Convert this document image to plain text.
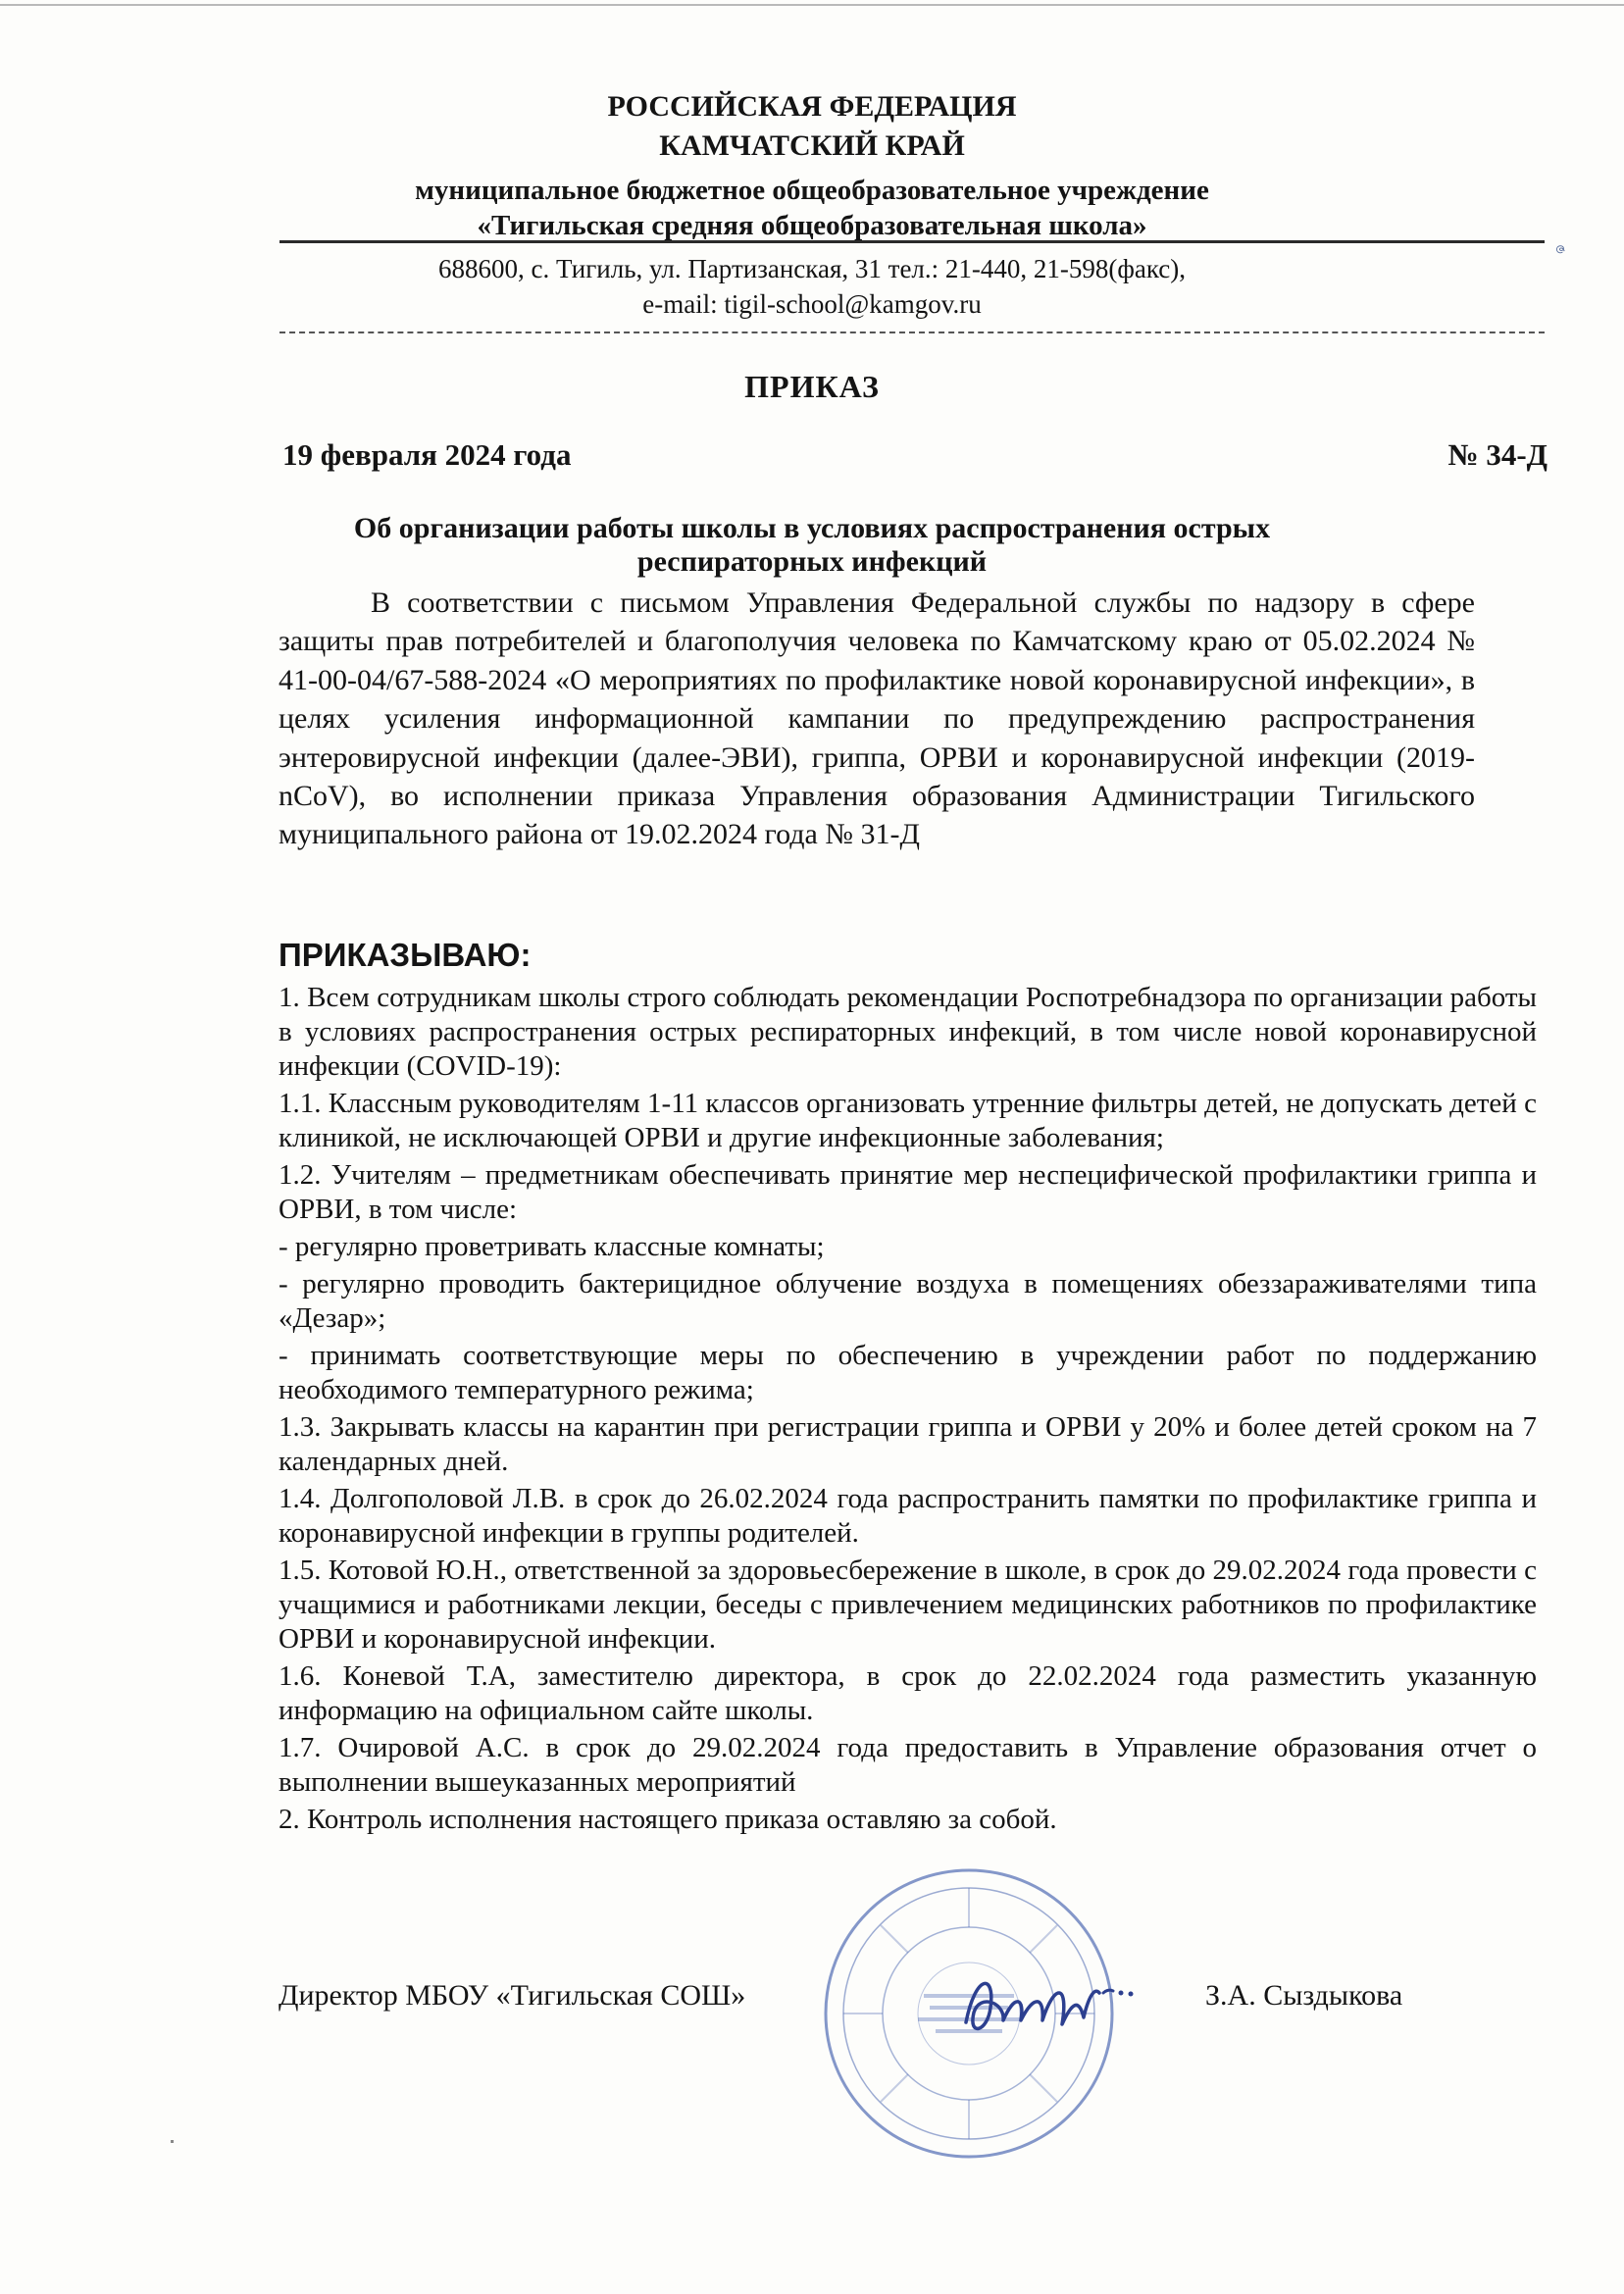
РОССИЙСКАЯ ФЕДЕРАЦИЯ
КАМЧАТСКИЙ КРАЙ
муниципальное бюджетное общеобразовательное учреждение
«Тигильская средняя общеобразовательная школа»
ဇ
688600, с. Тигиль, ул. Партизанская, 31 тел.: 21-440, 21-598(факс),
e-mail: tigil-school@kamgov.ru
ПРИКАЗ
19 февраля 2024 года	№ 34-Д
Об организации работы школы в условиях распространения острых
респираторных инфекций
В соответствии с письмом Управления Федеральной службы по надзору в сфере защиты прав потребителей и благополучия человека по Камчатскому краю от 05.02.2024 № 41-00-04/67-588-2024 «О мероприятиях по профилактике новой коронавирусной инфекции», в целях усиления информационной кампании по предупреждению распространения энтеровирусной инфекции (далее-ЭВИ), гриппа, ОРВИ и коронавирусной инфекции (2019-nCoV), во исполнении приказа Управления образования Администрации Тигильского муниципального района от 19.02.2024 года № 31-Д
ПРИКАЗЫВАЮ:

1. Всем сотрудникам школы строго соблюдать рекомендации Роспотребнадзора по организации работы в условиях распространения острых респираторных инфекций, в том числе новой коронавирусной инфекции (COVID-19):

1.1. Классным руководителям 1-11 классов организовать утренние фильтры детей, не допускать детей с клиникой, не исключающей ОРВИ и другие инфекционные заболевания;

1.2. Учителям – предметникам обеспечивать принятие мер неспецифической профилактики гриппа и ОРВИ, в том числе:

- регулярно проветривать классные комнаты;

- регулярно проводить бактерицидное облучение воздуха в помещениях обеззараживателями типа «Дезар»;

- принимать соответствующие меры по обеспечению в учреждении работ по поддержанию необходимого температурного режима;

1.3. Закрывать классы на карантин при регистрации гриппа и ОРВИ у 20% и более детей сроком на 7 календарных дней.

1.4. Долгополовой Л.В. в срок до 26.02.2024 года распространить памятки по профилактике гриппа и коронавирусной инфекции в группы родителей.

1.5. Котовой Ю.Н., ответственной за здоровьесбережение в школе, в срок до 29.02.2024 года провести с учащимися и работниками лекции, беседы с привлечением медицинских работников по профилактике ОРВИ и коронавирусной инфекции.

1.6. Коневой Т.А, заместителю директора, в срок до 22.02.2024 года разместить указанную информацию на официальном сайте школы.

1.7. Очировой А.С. в срок до 29.02.2024 года предоставить в Управление образования отчет о выполнении вышеуказанных мероприятий

2. Контроль исполнения настоящего приказа оставляю за собой.

Директор МБОУ «Тигильская СОШ»	З.А. Сыздыкова
